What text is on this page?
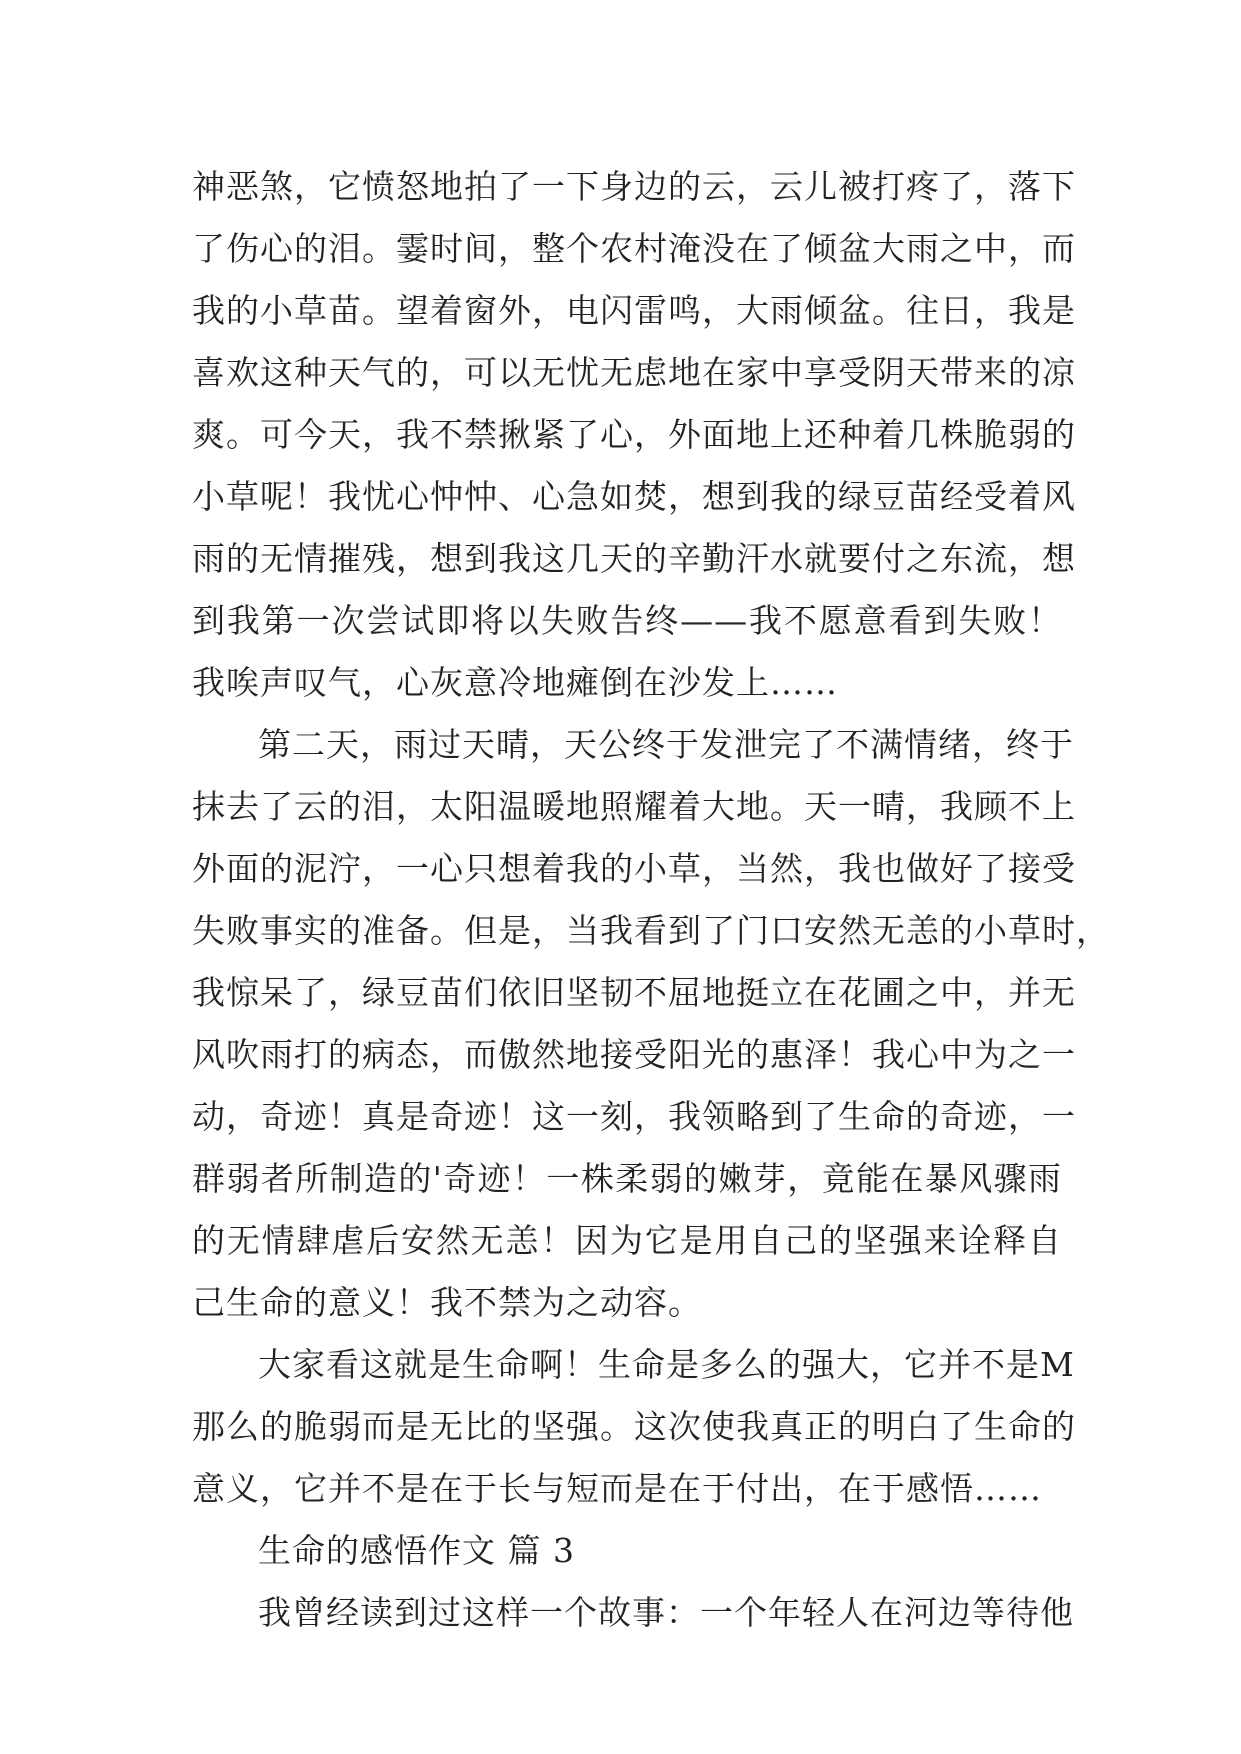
神恶煞，它愤怒地拍了一下身边的云，云儿被打疼了，落下
了伤心的泪。霎时间，整个农村淹没在了倾盆大雨之中，而
我的小草苗。望着窗外，电闪雷鸣，大雨倾盆。往日，我是
喜欢这种天气的，可以无忧无虑地在家中享受阴天带来的凉
爽。可今天，我不禁揪紧了心，外面地上还种着几株脆弱的
小草呢！我忧心忡忡、心急如焚，想到我的绿豆苗经受着风
雨的无情摧残，想到我这几天的辛勤汗水就要付之东流，想
到我第一次尝试即将以失败告终——我不愿意看到失败！
我唉声叹气，心灰意冷地瘫倒在沙发上……
第二天，雨过天晴，天公终于发泄完了不满情绪，终于
抹去了云的泪，太阳温暖地照耀着大地。天一晴，我顾不上
外面的泥泞，一心只想着我的小草，当然，我也做好了接受
失败事实的准备。但是，当我看到了门口安然无恙的小草时，
我惊呆了，绿豆苗们依旧坚韧不屈地挺立在花圃之中，并无
风吹雨打的病态，而傲然地接受阳光的惠泽！我心中为之一
动，奇迹！真是奇迹！这一刻，我领略到了生命的奇迹，一
群弱者所制造的'奇迹！一株柔弱的嫩芽，竟能在暴风骤雨
的无情肆虐后安然无恙！因为它是用自己的坚强来诠释自
己生命的意义！我不禁为之动容。
大家看这就是生命啊！生命是多么的强大，它并不是M
那么的脆弱而是无比的坚强。这次使我真正的明白了生命的
意义，它并不是在于长与短而是在于付出，在于感悟……
生命的感悟作文 篇 3
我曾经读到过这样一个故事：一个年轻人在河边等待他
